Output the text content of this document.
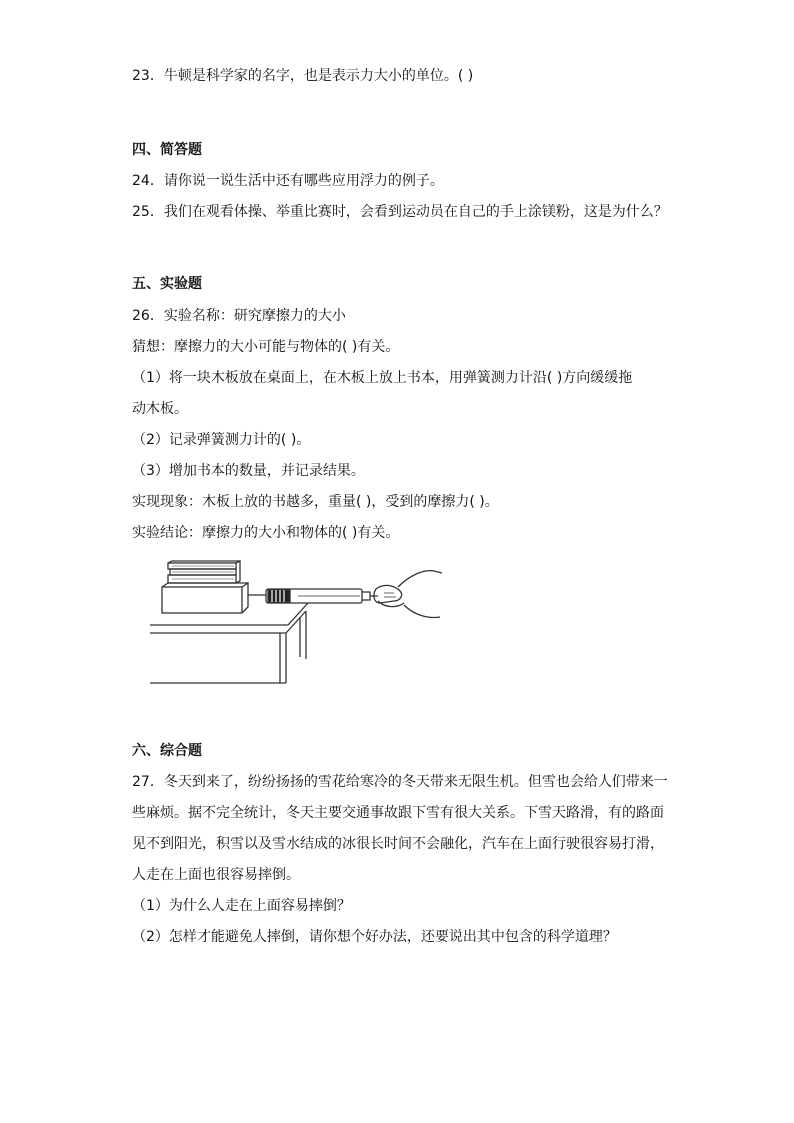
23．牛顿是科学家的名字，也是表示力大小的单位。( )
四、简答题
24．请你说一说生活中还有哪些应用浮力的例子。
25．我们在观看体操、举重比赛时，会看到运动员在自己的手上涂镁粉，这是为什么？
五、实验题
26．实验名称：研究摩擦力的大小
猜想：摩擦力的大小可能与物体的( )有关。
（1）将一块木板放在桌面上，在木板上放上书本，用弹簧测力计沿( )方向缓缓拖
动木板。
（2）记录弹簧测力计的( )。
（3）增加书本的数量，并记录结果。
实现现象：木板上放的书越多，重量( )，受到的摩擦力( )。
实验结论：摩擦力的大小和物体的( )有关。
六、综合题
27．冬天到来了，纷纷扬扬的雪花给寒冷的冬天带来无限生机。但雪也会给人们带来一
些麻烦。据不完全统计，冬天主要交通事故跟下雪有很大关系。下雪天路滑，有的路面
见不到阳光，积雪以及雪水结成的冰很长时间不会融化，汽车在上面行驶很容易打滑，
人走在上面也很容易摔倒。
（1）为什么人走在上面容易摔倒？
（2）怎样才能避免人摔倒，请你想个好办法，还要说出其中包含的科学道理？
